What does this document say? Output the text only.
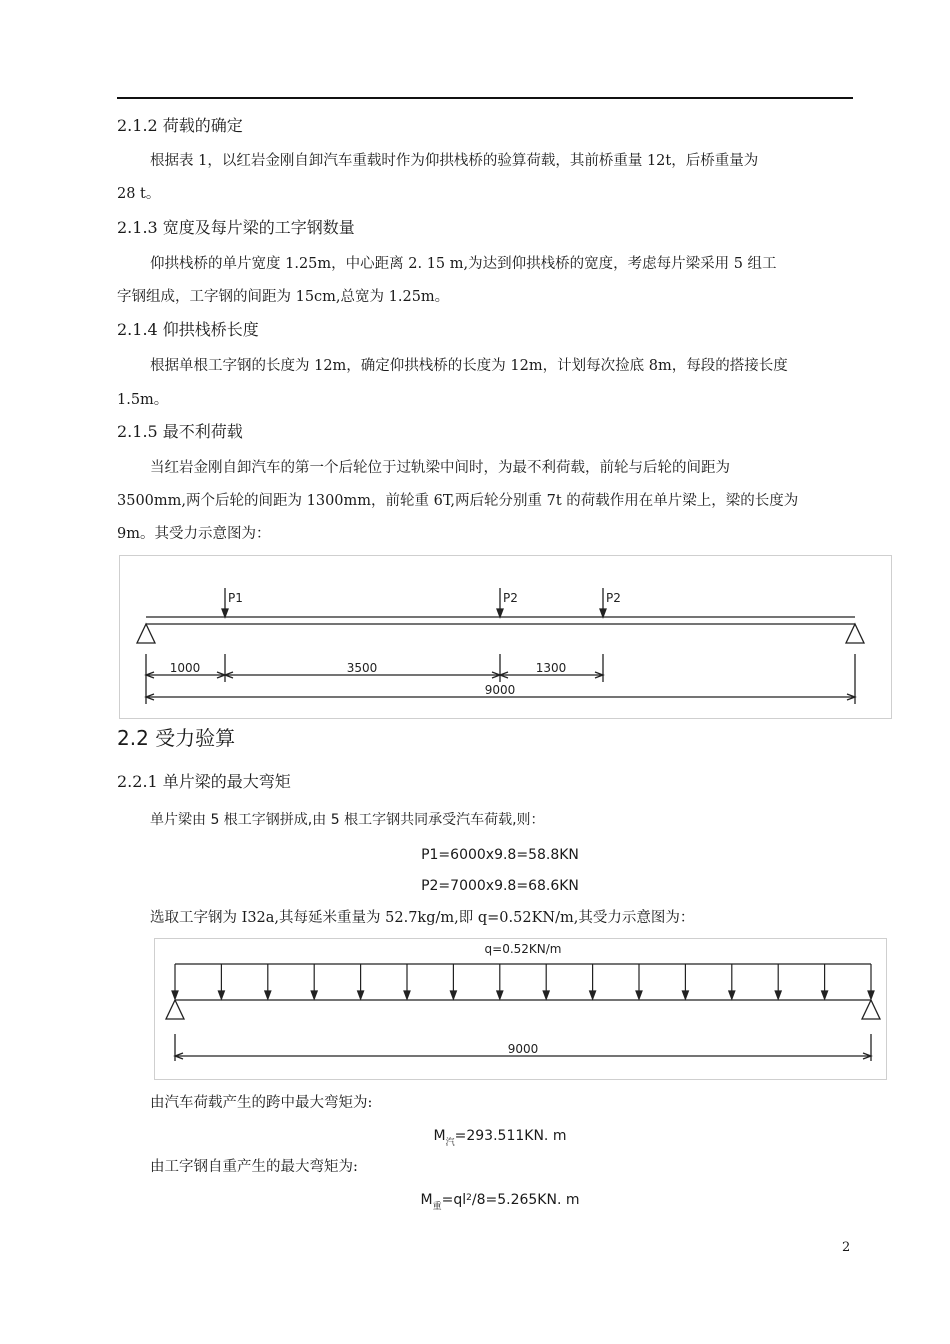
2.1.2 荷载的确定
根据表 1，以红岩金刚自卸汽车重载时作为仰拱栈桥的验算荷载，其前桥重量 12t，后桥重量为
28 t。
2.1.3 宽度及每片梁的工字钢数量
仰拱栈桥的单片宽度 1.25m，中心距离 2. 15 m,为达到仰拱栈桥的宽度，考虑每片梁采用 5 组工
字钢组成，工字钢的间距为 15cm,总宽为 1.25m。
2.1.4 仰拱栈桥长度
根据单根工字钢的长度为 12m，确定仰拱栈桥的长度为 12m，计划每次捡底 8m，每段的搭接长度
1.5m。
2.1.5 最不利荷载
当红岩金刚自卸汽车的第一个后轮位于过轨梁中间时，为最不利荷载，前轮与后轮的间距为
3500mm,两个后轮的间距为 1300mm，前轮重 6T,两后轮分别重 7t 的荷载作用在单片梁上，梁的长度为
9m。其受力示意图为：
P1	P2	P2
1000	3500	1300
9000
2.2 受力验算
2.2.1 单片梁的最大弯矩
单片梁由 5 根工字钢拼成,由 5 根工字钢共同承受汽车荷载,则：
P1=6000x9.8=58.8KN
P2=7000x9.8=68.6KN
选取工字钢为 I32a,其每延米重量为 52.7kg/m,即 q=0.52KN/m,其受力示意图为：
q=0.52KN/m
9000
由汽车荷载产生的跨中最大弯矩为:
$M_汽=293.511KN$. m
由工字钢自重产生的最大弯矩为:
$M_重=ql^2/8=5.265KN$. m
2
